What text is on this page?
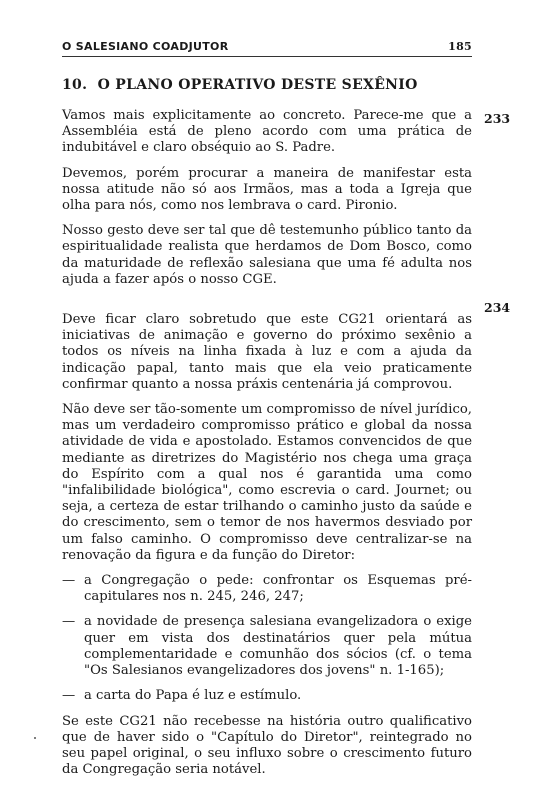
O SALESIANO COADJUTOR	185
10. O PLANO OPERATIVO DESTE SEXÊNIO
233
234

Vamos mais explicitamente ao concreto. Parece-me que a Assembléia está de pleno acordo com uma prática de indubitável e claro obséquio ao S. Padre.

Devemos, porém procurar a maneira de manifestar esta nossa atitude não só aos Irmãos, mas a toda a Igreja que olha para nós, como nos lembrava o card. Pironio.

Nosso gesto deve ser tal que dê testemunho público tanto da espiritualidade realista que herdamos de Dom Bosco, como da maturidade de reflexão salesiana que uma fé adulta nos ajuda a fazer após o nosso CGE.

Deve ficar claro sobretudo que este CG21 orientará as iniciativas de animação e governo do próximo sexênio a todos os níveis na linha fixada à luz e com a ajuda da indicação papal, tanto mais que ela veio praticamente confirmar quanto a nossa práxis centenária já comprovou.

Não deve ser tão-somente um compromisso de nível jurídico, mas um verdadeiro compromisso prático e global da nossa atividade de vida e apostolado. Estamos convencidos de que mediante as diretrizes do Magistério nos chega uma graça do Espírito com a qual nos é garantida uma como "infalibilidade biológica", como escrevia o card. Journet; ou seja, a certeza de estar trilhando o caminho justo da saúde e do crescimento, sem o temor de nos havermos desviado por um falso caminho. O compromisso deve centralizar-se na renovação da figura e da função do Diretor:

— a Congregação o pede: confrontar os Esquemas pré-capitulares nos n. 245, 246, 247;
— a novidade de presença salesiana evangelizadora o exige quer em vista dos destinatários quer pela mútua complementaridade e comunhão dos sócios (cf. o tema "Os Salesianos evangelizadores dos jovens" n. 1-165);
— a carta do Papa é luz e estímulo.

Se este CG21 não recebesse na história outro qualificativo que de haver sido o "Capítulo do Diretor", reintegrado no seu papel original, o seu influxo sobre o crescimento futuro da Congregação seria notável.
